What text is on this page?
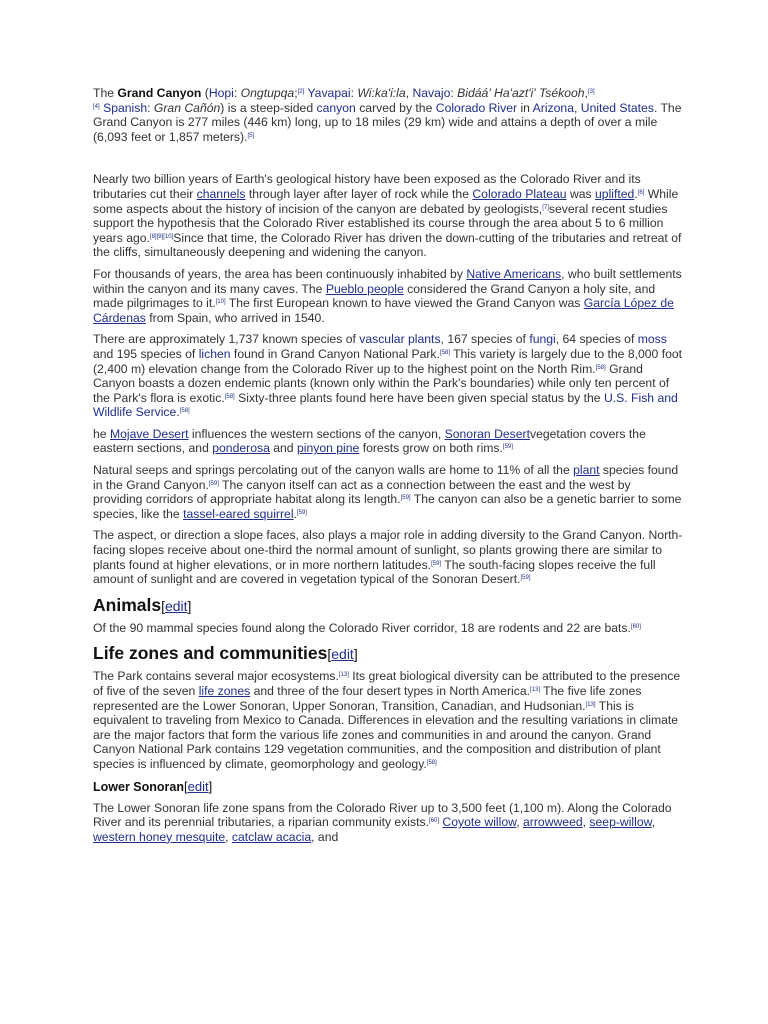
The Grand Canyon (Hopi: Ongtupqa;[2] Yavapai: Wi:ka'i:la, Navajo: Bidáá' Ha'azt'i' Tsékooh,[3]
[4] Spanish: Gran Cañón) is a steep-sided canyon carved by the Colorado River in Arizona, United States. The Grand Canyon is 277 miles (446 km) long, up to 18 miles (29 km) wide and attains a depth of over a mile (6,093 feet or 1,857 meters).[5]

Nearly two billion years of Earth's geological history have been exposed as the Colorado River and its tributaries cut their channels through layer after layer of rock while the Colorado Plateau was uplifted.[6] While some aspects about the history of incision of the canyon are debated by geologists,[7]several recent studies support the hypothesis that the Colorado River established its course through the area about 5 to 6 million years ago.[8][9][10]Since that time, the Colorado River has driven the down-cutting of the tributaries and retreat of the cliffs, simultaneously deepening and widening the canyon.

For thousands of years, the area has been continuously inhabited by Native Americans, who built settlements within the canyon and its many caves. The Pueblo people considered the Grand Canyon a holy site, and made pilgrimages to it.[10] The first European known to have viewed the Grand Canyon was García López de Cárdenas from Spain, who arrived in 1540.

There are approximately 1,737 known species of vascular plants, 167 species of fungi, 64 species of moss and 195 species of lichen found in Grand Canyon National Park.[58] This variety is largely due to the 8,000 foot (2,400 m) elevation change from the Colorado River up to the highest point on the North Rim.[58] Grand Canyon boasts a dozen endemic plants (known only within the Park's boundaries) while only ten percent of the Park's flora is exotic.[58] Sixty-three plants found here have been given special status by the U.S. Fish and Wildlife Service.[58]

he Mojave Desert influences the western sections of the canyon, Sonoran Desertvegetation covers the eastern sections, and ponderosa and pinyon pine forests grow on both rims.[59]

Natural seeps and springs percolating out of the canyon walls are home to 11% of all the plant species found in the Grand Canyon.[59] The canyon itself can act as a connection between the east and the west by providing corridors of appropriate habitat along its length.[59] The canyon can also be a genetic barrier to some species, like the tassel-eared squirrel.[59]

The aspect, or direction a slope faces, also plays a major role in adding diversity to the Grand Canyon. North-facing slopes receive about one-third the normal amount of sunlight, so plants growing there are similar to plants found at higher elevations, or in more northern latitudes.[59] The south-facing slopes receive the full amount of sunlight and are covered in vegetation typical of the Sonoran Desert.[59]

Animals[edit]

Of the 90 mammal species found along the Colorado River corridor, 18 are rodents and 22 are bats.[60]

Life zones and communities[edit]

The Park contains several major ecosystems.[13] Its great biological diversity can be attributed to the presence of five of the seven life zones and three of the four desert types in North America.[13] The five life zones represented are the Lower Sonoran, Upper Sonoran, Transition, Canadian, and Hudsonian.[13] This is equivalent to traveling from Mexico to Canada. Differences in elevation and the resulting variations in climate are the major factors that form the various life zones and communities in and around the canyon. Grand Canyon National Park contains 129 vegetation communities, and the composition and distribution of plant species is influenced by climate, geomorphology and geology.[58]

Lower Sonoran[edit]

The Lower Sonoran life zone spans from the Colorado River up to 3,500 feet (1,100 m). Along the Colorado River and its perennial tributaries, a riparian community exists.[60] Coyote willow, arrowweed, seep-willow, western honey mesquite, catclaw acacia, and
